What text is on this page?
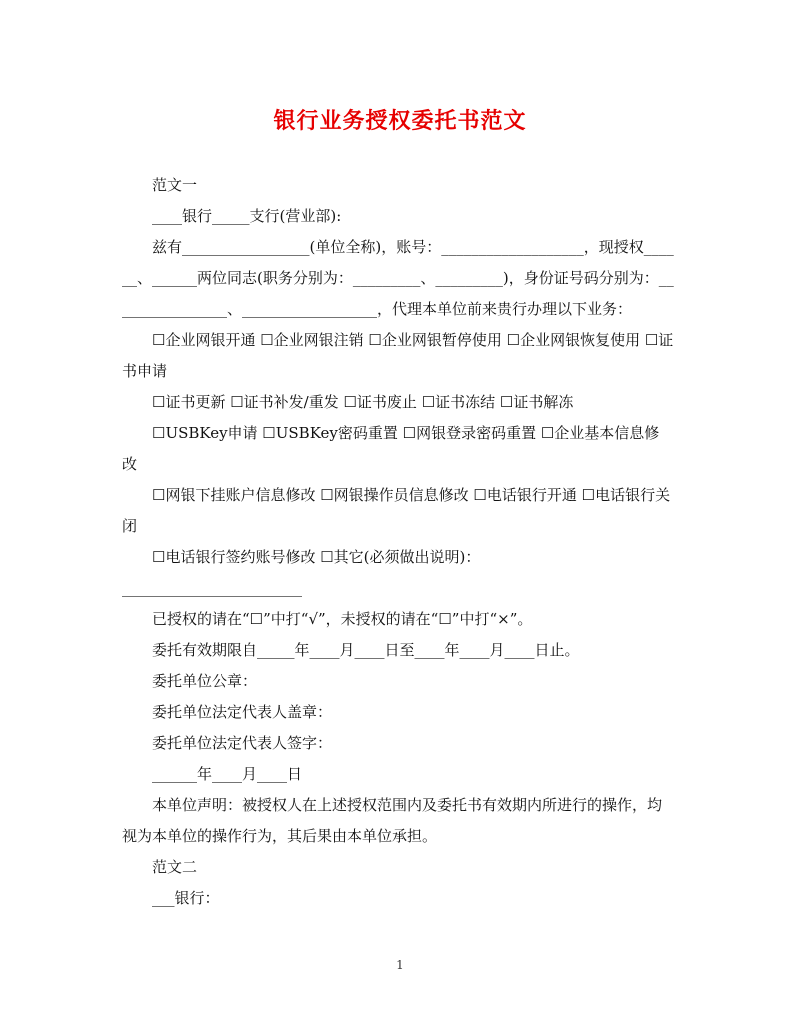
银行业务授权委托书范文

范文一

____银行_____支行(营业部):

兹有_________________(单位全称)，账号：___________________，现授权______、______两位同志(职务分别为：_________、_________)，身份证号码分别为：________________、__________________，代理本单位前来贵行办理以下业务：

☐企业网银开通 ☐企业网银注销 ☐企业网银暂停使用 ☐企业网银恢复使用 ☐证书申请

☐证书更新 ☐证书补发/重发 ☐证书废止 ☐证书冻结 ☐证书解冻

☐USBKey申请 ☐USBKey密码重置 ☐网银登录密码重置 ☐企业基本信息修改

☐网银下挂账户信息修改 ☐网银操作员信息修改 ☐电话银行开通 ☐电话银行关闭

☐电话银行签约账号修改 ☐其它(必须做出说明)：

________________________

已授权的请在“☐”中打“√”，未授权的请在“☐”中打“×”。

委托有效期限自_____年____月____日至____年____月____日止。

委托单位公章：

委托单位法定代表人盖章：

委托单位法定代表人签字：

______年____月____日

本单位声明：被授权人在上述授权范围内及委托书有效期内所进行的操作，均视为本单位的操作行为，其后果由本单位承担。

范文二

___银行：

1
